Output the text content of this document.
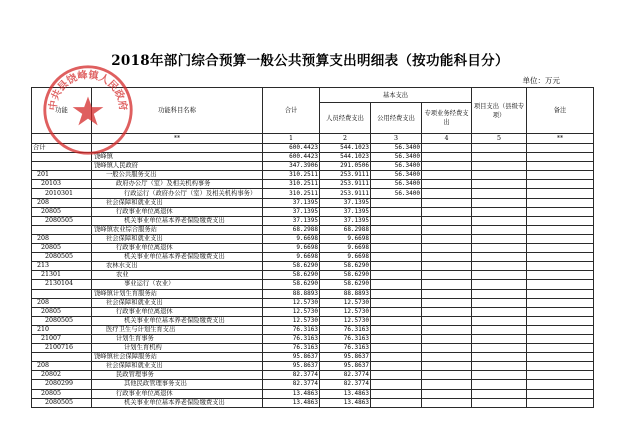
2018年部门综合预算一般公共预算支出明细表（按功能科目分）
单位：万元
功能	功能科目名称	合计	基本支出			项目支出（县级专项）	备注
			人员经费支出	公用经费支出	专项业务经费支出		
	**	1	2	3	4	5	**
合计		600.4423	544.1023	56.3400			
	饶峰镇	600.4423	544.1023	56.3400			
	饶峰镇人民政府	347.3906	291.0506	56.3400			
201	一般公共服务支出	310.2511	253.9111	56.3400			
20103	政府办公厅（室）及相关机构事务	310.2511	253.9111	56.3400			
2010301	行政运行（政府办公厅（室）及相关机构事务）	310.2511	253.9111	56.3400			
208	社会保障和就业支出	37.1395	37.1395				
20805	行政事业单位离退休	37.1395	37.1395				
2080505	机关事业单位基本养老保险缴费支出	37.1395	37.1395				
	饶峰镇农业综合服务站	68.2988	68.2988				
208	社会保障和就业支出	9.6698	9.6698				
20805	行政事业单位离退休	9.6698	9.6698				
2080505	机关事业单位基本养老保险缴费支出	9.6698	9.6698				
213	农林水支出	58.6290	58.6290				
21301	农业	58.6290	58.6290				
2130104	事业运行（农业）	58.6290	58.6290				
	饶峰镇计划生育服务站	88.8893	88.8893				
208	社会保障和就业支出	12.5730	12.5730				
20805	行政事业单位离退休	12.5730	12.5730				
2080505	机关事业单位基本养老保险缴费支出	12.5730	12.5730				
210	医疗卫生与计划生育支出	76.3163	76.3163				
21007	计划生育事务	76.3163	76.3163				
2100716	计划生育机构	76.3163	76.3163				
	饶峰镇社会保障服务站	95.8637	95.8637				
208	社会保障和就业支出	95.8637	95.8637				
20802	民政管理事务	82.3774	82.3774				
2080299	其他民政管理事务支出	82.3774	82.3774				
20805	行政事业单位离退休	13.4863	13.4863				
2080505	机关事业单位基本养老保险缴费支出	13.4863	13.4863				
中共县饶峰镇人民政府
